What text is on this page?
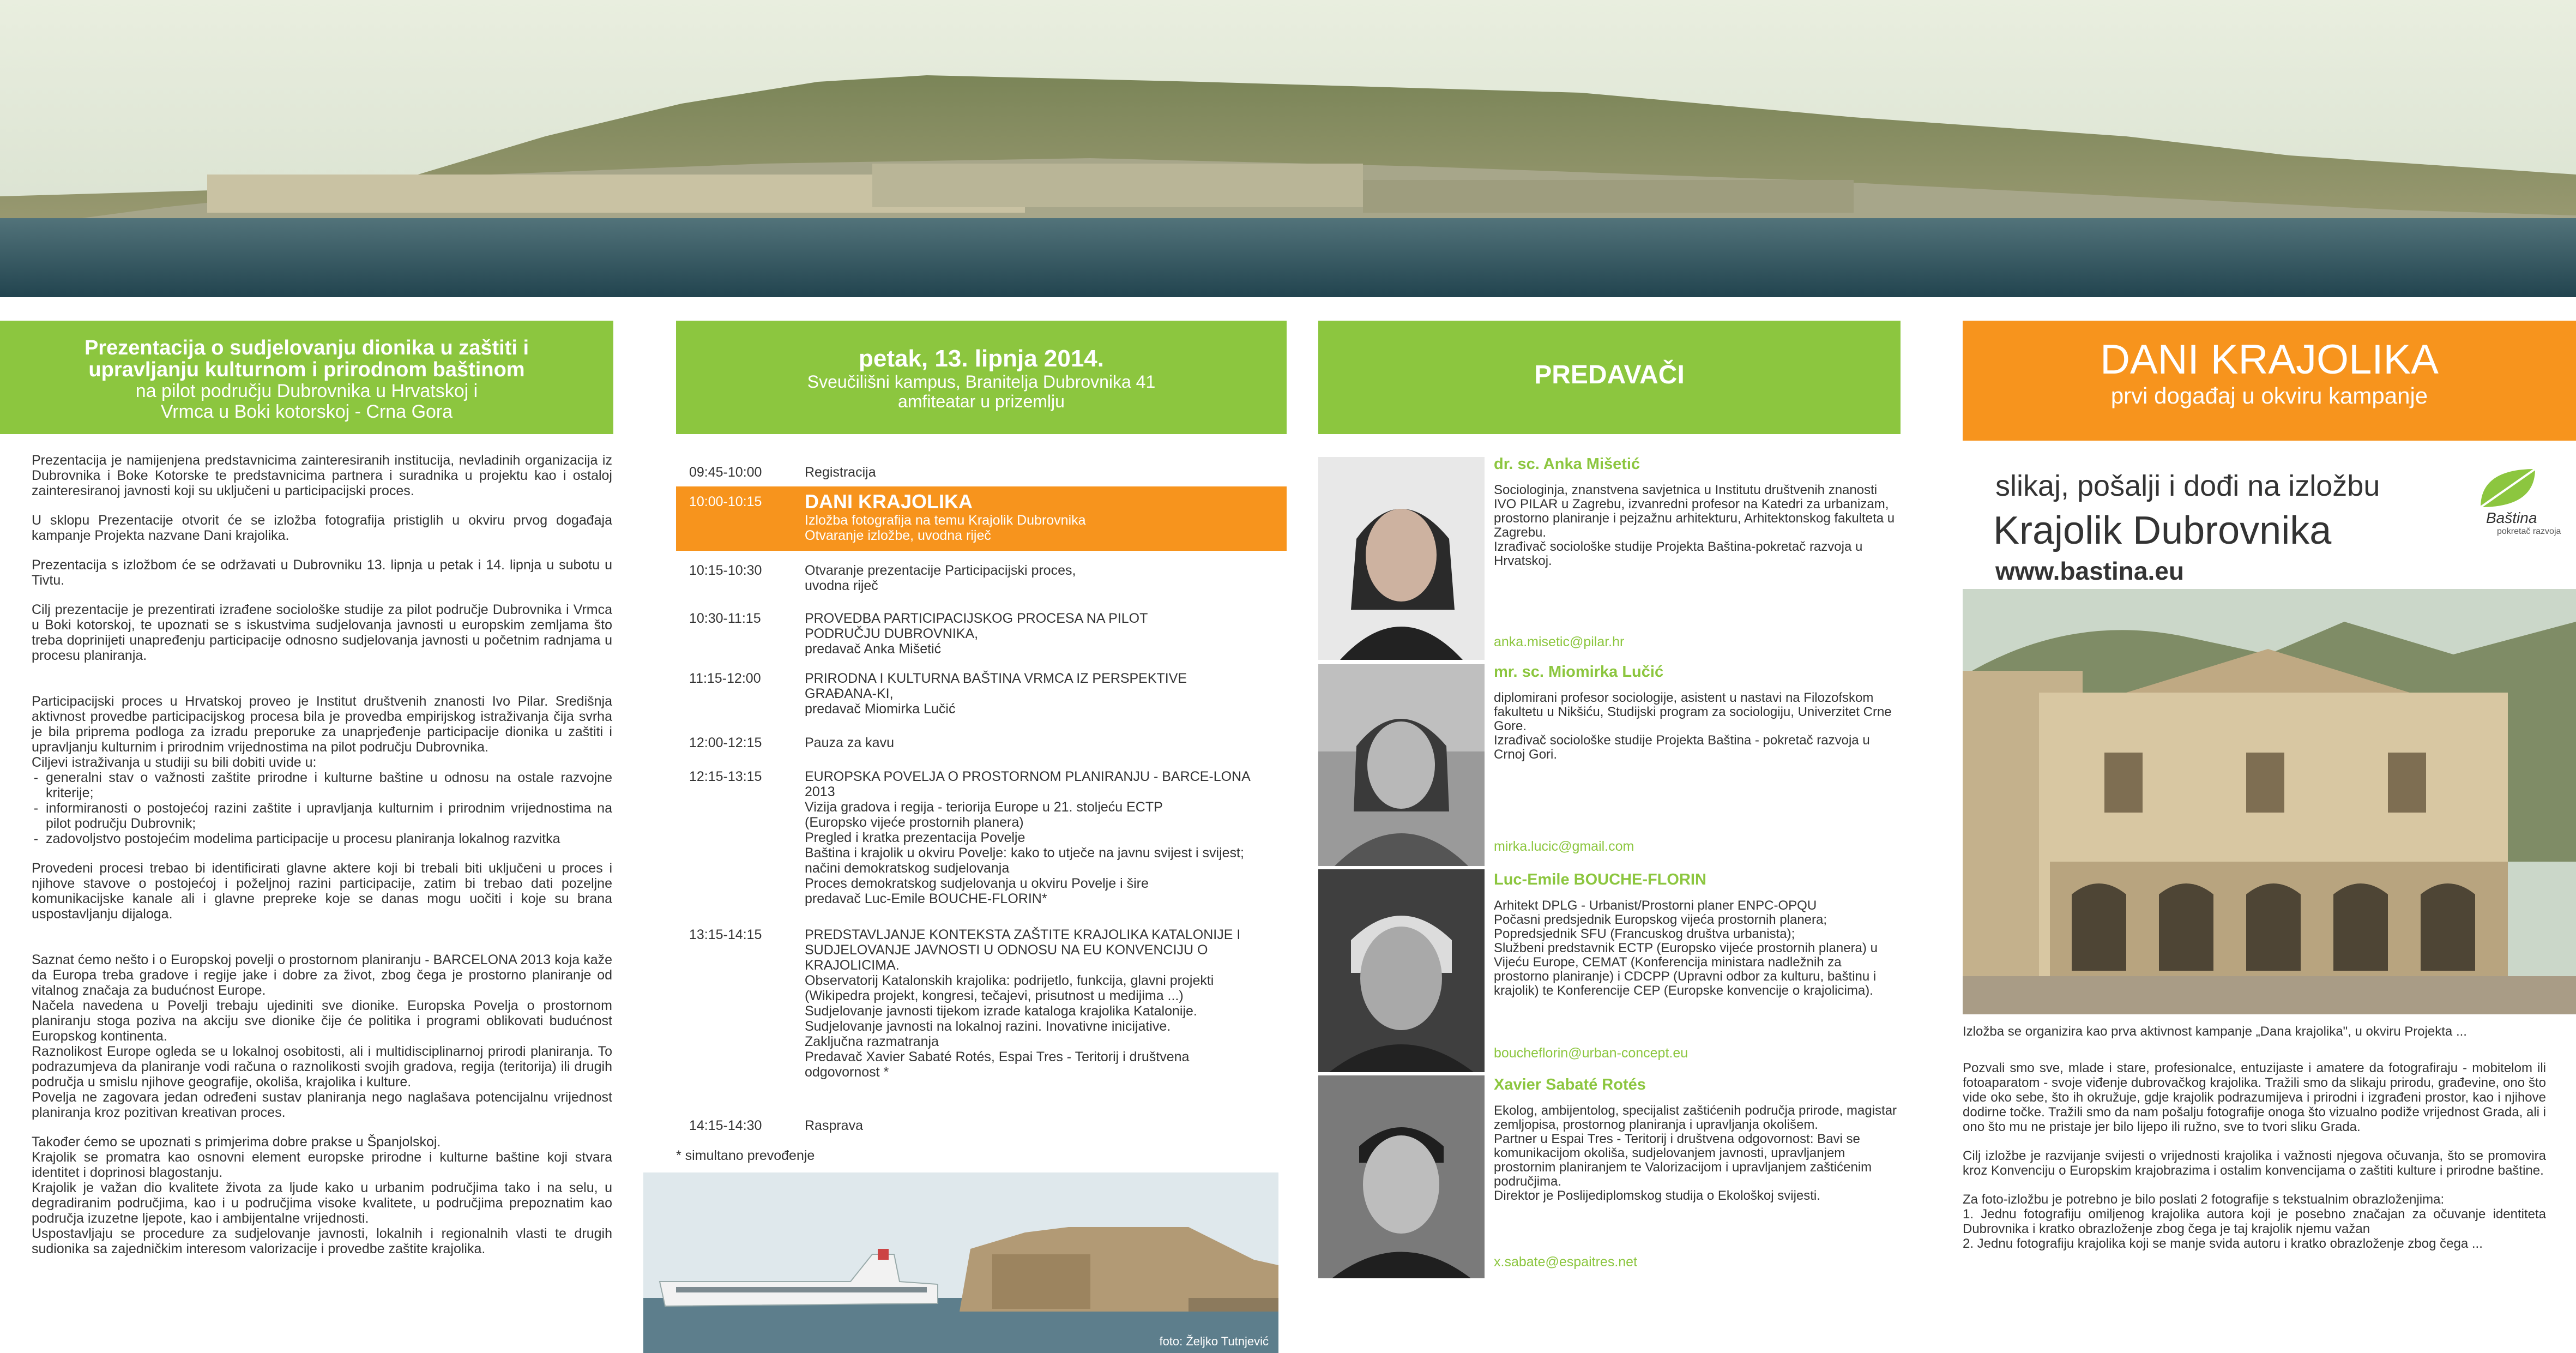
Prezentacija o sudjelovanju dionika u zaštiti i upravljanju kulturnom i prirodnom baštinom
na pilot području Dubrovnika u Hrvatskoj i
Vrmca u Boki kotorskoj - Crna Gora

Prezentacija je namijenjena predstavnicima zainteresiranih institucija, nevladinih organizacija iz Dubrovnika i Boke Kotorske te predstavnicima partnera i suradnika u projektu kao i ostaloj zainteresiranoj javnosti koji su uključeni u participacijski proces.

U sklopu Prezentacije otvorit će se izložba fotografija pristiglih u okviru prvog događaja kampanje Projekta nazvane Dani krajolika.

Prezentacija s izložbom će se održavati u Dubrovniku 13. lipnja u petak i 14. lipnja u subotu u Tivtu.

Cilj prezentacije je prezentirati izrađene sociološke studije za pilot područje Dubrovnika i Vrmca u Boki kotorskoj, te upoznati se s iskustvima sudjelovanja javnosti u europskim zemljama što treba doprinijeti unapređenju participacije odnosno sudjelovanja javnosti u početnim radnjama u procesu planiranja.

Participacijski proces u Hrvatskoj proveo je Institut društvenih znanosti Ivo Pilar. Središnja aktivnost provedbe participacijskog procesa bila je provedba empirijskog istraživanja čija svrha je bila priprema podloga za izradu preporuke za unaprjeđenje participacije dionika u zaštiti i upravljanju kulturnim i prirodnim vrijednostima na pilot području Dubrovnika.

Ciljevi istraživanja u studiji su bili dobiti uvide u:

- generalni stav o važnosti zaštite prirodne i kulturne baštine u odnosu na ostale razvojne kriterije;
- informiranosti o postojećoj razini zaštite i upravljanja kulturnim i prirodnim vrijednostima na pilot području Dubrovnik;
- zadovoljstvo postojećim modelima participacije u procesu planiranja lokalnog razvitka

Provedeni procesi trebao bi identificirati glavne aktere koji bi trebali biti uključeni u proces i njihove stavove o postojećoj i poželjnoj razini participacije, zatim bi trebao dati pozeljne komunikacijske kanale ali i glavne prepreke koje se danas mogu uočiti i koje su brana uspostavljanju dijaloga.

Saznat ćemo nešto i o Europskoj povelji o prostornom planiranju - BARCELONA 2013 koja kaže da Europa treba gradove i regije jake i dobre za život, zbog čega je prostorno planiranje od vitalnog značaja za budućnost Europe.

Načela navedena u Povelji trebaju ujediniti sve dionike. Europska Povelja o prostornom planiranju stoga poziva na akciju sve dionike čije će politika i programi oblikovati budućnost Europskog kontinenta.

Raznolikost Europe ogleda se u lokalnoj osobitosti, ali i multidisciplinarnoj prirodi planiranja. To podrazumjeva da planiranje vodi računa o raznolikosti svojih gradova, regija (teritorija) ili drugih područja u smislu njihove geografije, okoliša, krajolika i kulture.

Povelja ne zagovara jedan određeni sustav planiranja nego naglašava potencijalnu vrijednost planiranja kroz pozitivan kreativan proces.

Također ćemo se upoznati s primjerima dobre prakse u Španjolskoj.

Krajolik se promatra kao osnovni element europske prirodne i kulturne baštine koji stvara identitet i doprinosi blagostanju.

Krajolik je važan dio kvalitete života za ljude kako u urbanim područjima tako i na selu, u degradiranim područjima, kao i u područjima visoke kvalitete, u područjima prepoznatim kao područja izuzetne ljepote, kao i ambijentalne vrijednosti.

Uspostavljaju se procedure za sudjelovanje javnosti, lokalnih i regionalnih vlasti te drugih sudionika sa zajedničkim interesom valorizacije i provedbe zaštite krajolika.

petak, 13. lipnja 2014.
Sveučilišni kampus, Branitelja Dubrovnika 41
amfiteatar u prizemlju
09:45-10:00	Registracija
10:00-10:15	DANI KRAJOLIKA
Izložba fotografija na temu Krajolik Dubrovnika
Otvaranje izložbe, uvodna riječ
10:15-10:30	Otvaranje prezentacije Participacijski proces,
uvodna riječ
10:30-11:15	PROVEDBA PARTICIPACIJSKOG PROCESA NA PILOT PODRUČJU DUBROVNIKA,
predavač Anka Mišetić
11:15-12:00	PRIRODNA I KULTURNA BAŠTINA VRMCA IZ PERSPEKTIVE GRAĐANA-KI,
predavač Miomirka Lučić
12:00-12:15	Pauza za kavu
12:15-13:15	EUROPSKA POVELJA O PROSTORNOM PLANIRANJU - BARCE-LONA 2013
Vizija gradova i regija - teriorija Europe u 21. stoljeću ECTP
(Europsko vijeće prostornih planera)
Pregled i kratka prezentacija Povelje
Baština i krajolik u okviru Povelje: kako to utječe na javnu svijest i svijest; načini demokratskog sudjelovanja
Proces demokratskog sudjelovanja u okviru Povelje i šire
predavač Luc-Emile BOUCHE-FLORIN*
13:15-14:15	PREDSTAVLJANJE KONTEKSTA ZAŠTITE KRAJOLIKA KATALONIJE I SUDJELOVANJE JAVNOSTI U ODNOSU NA EU KONVENCIJU O KRAJOLICIMA.
Observatorij Katalonskih krajolika: podrijetlo, funkcija, glavni projekti (Wikipedra projekt, kongresi, tečajevi, prisutnost u medijima ...) Sudjelovanje javnosti tijekom izrade kataloga krajolika Katalonije.
Sudjelovanje javnosti na lokalnoj razini. Inovativne inicijative.
Zaključna razmatranja
Predavač Xavier Sabaté Rotés, Espai Tres - Teritorij i društvena odgovornost *
14:15-14:30	Rasprava
* simultano prevođenje
foto: Željko Tutnjević
PREDAVAČI
dr. sc. Anka Mišetić
Sociologinja, znanstvena savjetnica u Institutu društvenih znanosti IVO PILAR u Zagrebu, izvanredni profesor na Katedri za urbanizam, prostorno planiranje i pejzažnu arhitekturu, Arhitektonskog fakulteta u Zagrebu.
Izrađivač sociološke studije Projekta Baština-pokretač razvoja u Hrvatskoj.
anka.misetic@pilar.hr
mr. sc. Miomirka Lučić
diplomirani profesor sociologije, asistent u nastavi na Filozofskom fakultetu u Nikšiću, Studijski program za sociologiju, Univerzitet Crne Gore.
Izrađivač sociološke studije Projekta Baština - pokretač razvoja u Crnoj Gori.
mirka.lucic@gmail.com
Luc-Emile BOUCHE-FLORIN
Arhitekt DPLG - Urbanist/Prostorni planer ENPC-OPQU
Počasni predsjednik Europskog vijeća prostornih planera;
Popredsjednik SFU (Francuskog društva urbanista);
Službeni predstavnik ECTP (Europsko vijeće prostornih planera) u Vijeću Europe, CEMAT (Konferencija ministara nadležnih za prostorno planiranje) i CDCPP (Upravni odbor za kulturu, baštinu i krajolik) te Konferencije CEP (Europske konvencije o krajolicima).
boucheflorin@urban-concept.eu
Xavier Sabaté Rotés
Ekolog, ambijentolog, specijalist zaštićenih područja prirode, magistar zemljopisa, prostornog planiranja i upravljanja okolišem.
Partner u Espai Tres - Teritorij i društvena odgovornost: Bavi se komunikacijom okoliša, sudjelovanjem javnosti, upravljanjem prostornim planiranjem te Valorizacijom i upravljanjem zaštićenim područjima.
Direktor je Poslijediplomskog studija o Ekološkoj svijesti.
x.sabate@espaitres.net
DANI KRAJOLIKA
prvi događaj u okviru kampanje
slikaj, pošalji i dođi na izložbu
Krajolik Dubrovnika
www.bastina.eu
Baština
pokretač razvoja

Izložba se organizira kao prva aktivnost kampanje „Dana krajolika", u okviru Projekta ...

Pozvali smo sve, mlade i stare, profesionalce, entuzijaste i amatere da fotografiraju - mobitelom ili fotoaparatom - svoje viđenje dubrovačkog krajolika. Tražili smo da slikaju prirodu, građevine, ono što vide oko sebe, što ih okružuje, gdje krajolik podrazumijeva i prirodni i izgrađeni prostor, kao i njihove dodirne točke. Tražili smo da nam pošalju fotografije onoga što vizualno podiže vrijednost Grada, ali i ono što mu ne pristaje jer bilo lijepo ili ružno, sve to tvori sliku Grada.

Cilj izložbe je razvijanje svijesti o vrijednosti krajolika i važnosti njegova očuvanja, što se promovira kroz Konvenciju o Europskim krajobrazima i ostalim konvencijama o zaštiti kulture i prirodne baštine.

Za foto-izložbu je potrebno je bilo poslati 2 fotografije s tekstualnim obrazloženjima:

1. Jednu fotografiju omiljenog krajolika autora koji je posebno značajan za očuvanje identiteta Dubrovnika i kratko obrazloženje zbog čega je taj krajolik njemu važan
2. Jednu fotografiju krajolika koji se manje svida autoru i kratko obrazloženje zbog čega ...
